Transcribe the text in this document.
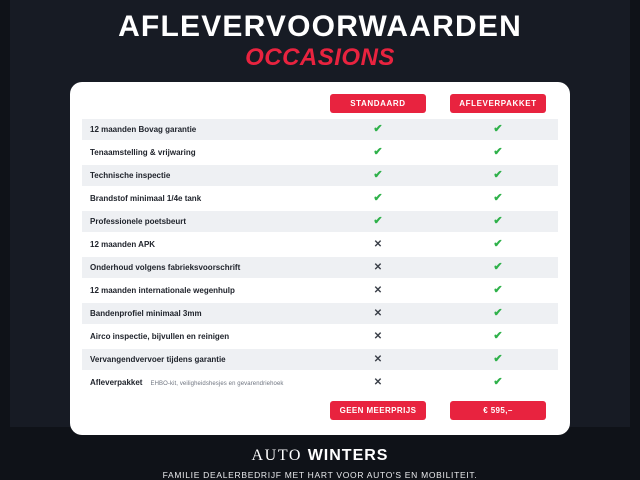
AFLEVERVOORWAARDEN
OCCASIONS

	STANDAARD	AFLEVERPAKKET

12 maanden Bovag garantie	✔	✔
Tenaamstelling & vrijwaring	✔	✔
Technische inspectie	✔	✔
Brandstof minimaal 1/4e tank	✔	✔
Professionele poetsbeurt	✔	✔
12 maanden APK	✕	✔
Onderhoud volgens fabrieksvoorschrift	✕	✔
12 maanden internationale wegenhulp	✕	✔
Bandenprofiel minimaal 3mm	✕	✔
Airco inspectie, bijvullen en reinigen	✕	✔
Vervangendvervoer tijdens garantie	✕	✔
Afleverpakket EHBO-kit, veiligheidshesjes en gevarendriehoek	✕	✔

	GEEN MEERPRIJS	€ 595,–
AUTO WINTERS
FAMILIE DEALERBEDRIJF MET HART VOOR AUTO'S EN MOBILITEIT.
